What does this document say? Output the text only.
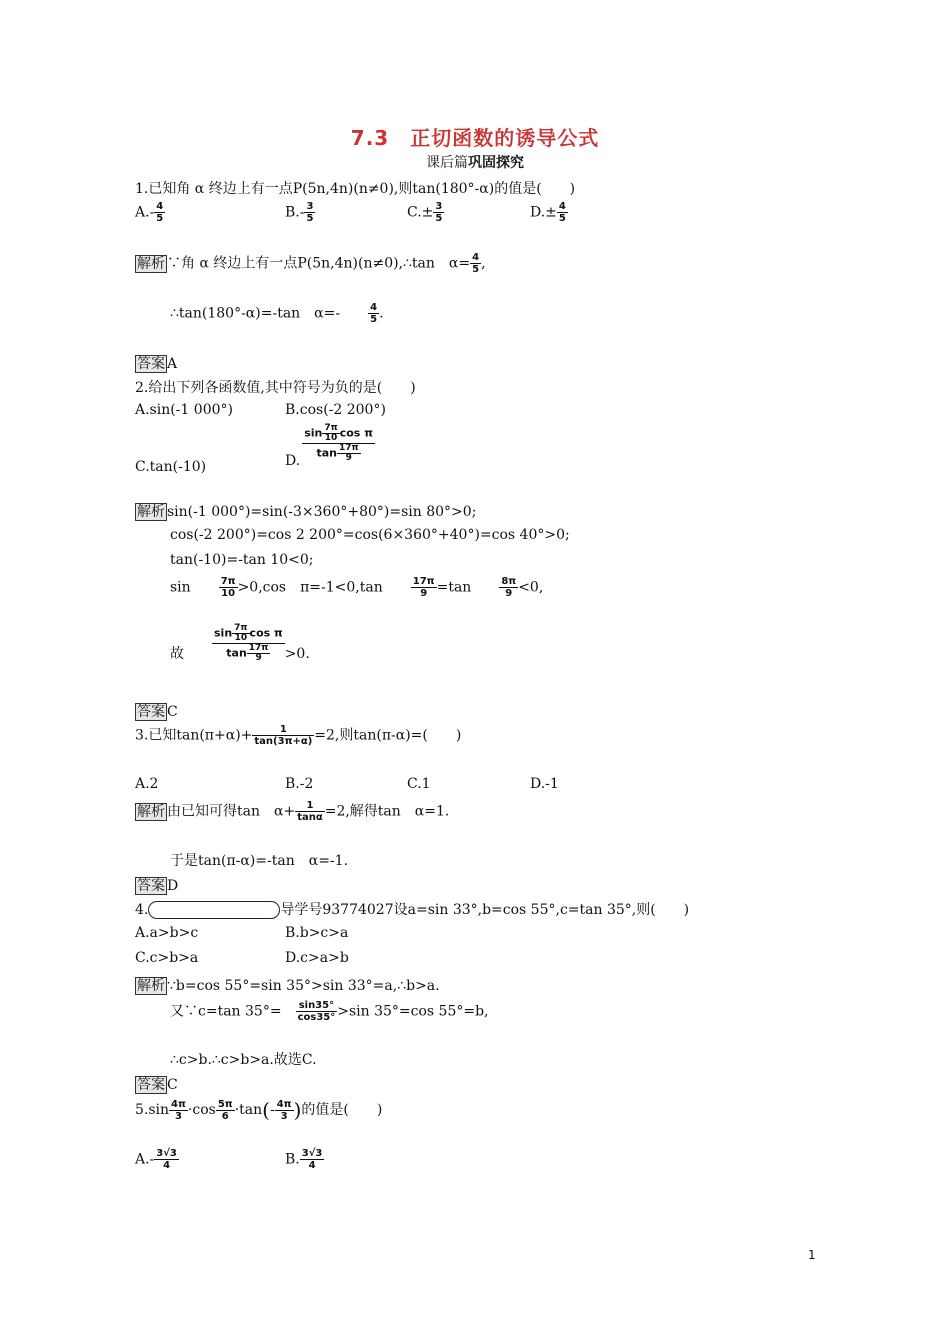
7.3　正切函数的诱导公式
课后篇巩固探究
1.已知角 α 终边上有一点P(5n,4n)(n≠0),则tan(180°-α)的值是(　　)
$A.- \frac{4}{5}$	$B.- \frac{3}{5}$	$C.\pm \frac{3}{5}$	$D.\pm \frac{4}{5}$
解析 ∵角 α 终边上有一点P(5n,4n)(n≠0),∴tan　$\alpha= \frac{4}{5}$ ,
∴tan(180°-α)=-tan　α=-　　	$\frac{4}{5}$ .
答案 A
2.给出下列各函数值,其中符号为负的是(　　)
A.sin(-1 000°)	B.cos(-2 200°)
C.tan(-10)	D. $\frac{\sin \frac{7\pi}{10} \cos \pi}{\tan \frac{17\pi}{9}}$
解析 sin(-1 000°)=sin(-3×360°+80°)=sin 80°>0;
cos(-2 200°)=cos 2 200°=cos(6×360°+40°)=cos 40°>0;
tan(-10)=-tan 10<0;
sin　　	$\frac{7\pi}{10} >0,\cos$　π=-1<0,tan　　	$\frac{17\pi}{9} =\tan$　　	$\frac{8\pi}{9} <0$,
故　　	$\frac{\sin \frac{7\pi}{10} \cos \pi}{\tan \frac{17\pi}{9}} >0$.
答案 C
3.已知$\tan(\pi+\alpha)+ \frac{1}{\tan(3\pi+\alpha)} =2$,则tan(π-α)=(　　)
A.2	B.-2	C.1	D.-1
解析 由已知可得tan　$\alpha+ \frac{1}{\tan\alpha} =2$,解得tan　α=1.
于是tan(π-α)=-tan　α=-1.
答案 D
4.	导学号93774027设a=sin 33°,b=cos 55°,c=tan 35°,则(　　)
A.a>b>c	B.b>c>a
C.c>b>a	D.c>a>b
解析 ∵b=cos 55°=sin 35°>sin 33°=a,∴b>a.
又∵c=tan 35°=　 $\frac{\sin 35^\circ}{\cos 35^\circ} >\sin$ 35°=cos 55°=b,
∴c>b.∴c>b>a.故选C.
答案 C
$5.\sin \frac{4\pi}{3} \cdot\cos \frac{5\pi}{6} \cdot\tan(- \frac{4\pi}{3}$ )的值是(　　)
$A.- \frac{3√3}{4}$	B. $\frac{3√3}{4}$
1
